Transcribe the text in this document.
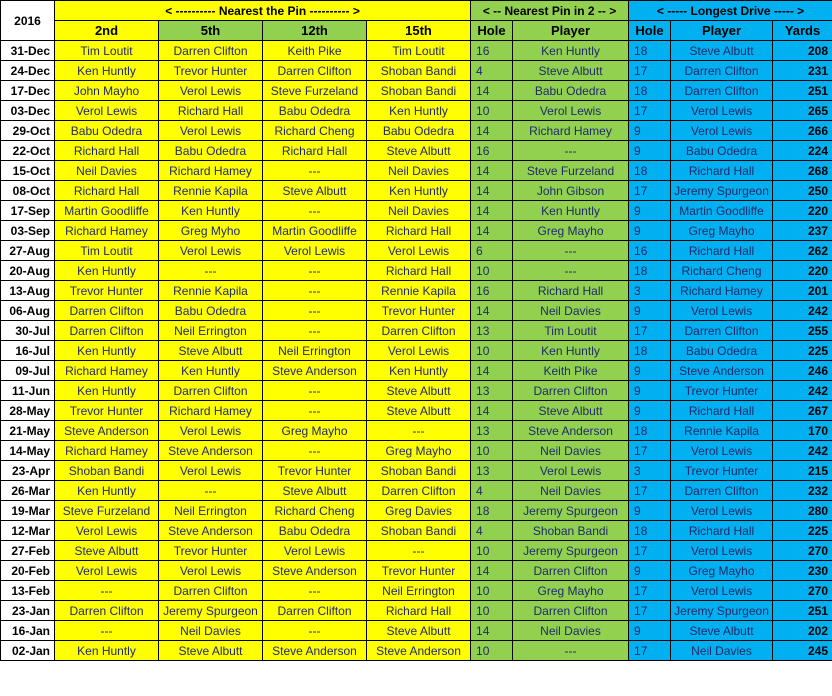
2016	< ---------- Nearest the Pin ---------- >				< -- Nearest Pin in 2 -- >		< ----- Longest Drive ----- >		
	2nd	5th	12th	15th	Hole	Player	Hole	Player	Yards
31-Dec	Tim Loutit	Darren Clifton	Keith Pike	Tim Loutit	16	Ken Huntly	18	Steve Albutt	208
24-Dec	Ken Huntly	Trevor Hunter	Darren Clifton	Shoban Bandi	4	Steve Albutt	17	Darren Clifton	231
17-Dec	John Mayho	Verol Lewis	Steve Furzeland	Shoban Bandi	14	Babu Odedra	18	Darren Clifton	251
03-Dec	Verol Lewis	Richard Hall	Babu Odedra	Ken Huntly	10	Verol Lewis	17	Verol Lewis	265
29-Oct	Babu Odedra	Verol Lewis	Richard Cheng	Babu Odedra	14	Richard Hamey	9	Verol Lewis	266
22-Oct	Richard Hall	Babu Odedra	Richard Hall	Steve Albutt	16	---	9	Babu Odedra	224
15-Oct	Neil Davies	Richard Hamey	---	Neil Davies	14	Steve Furzeland	18	Richard Hall	268
08-Oct	Richard Hall	Rennie Kapila	Steve Albutt	Ken Huntly	14	John Gibson	17	Jeremy Spurgeon	250
17-Sep	Martin Goodliffe	Ken Huntly	---	Neil Davies	14	Ken Huntly	9	Martin Goodliffe	220
03-Sep	Richard Hamey	Greg Myho	Martin Goodliffe	Richard Hall	14	Greg Mayho	9	Greg Mayho	237
27-Aug	Tim Loutit	Verol Lewis	Verol Lewis	Verol Lewis	6	---	16	Richard Hall	262
20-Aug	Ken Huntly	---	---	Richard Hall	10	---	18	Richard Cheng	220
13-Aug	Trevor Hunter	Rennie Kapila	---	Rennie Kapila	16	Richard Hall	3	Richard Hamey	201
06-Aug	Darren Clifton	Babu Odedra	---	Trevor Hunter	14	Neil Davies	9	Verol Lewis	242
30-Jul	Darren Clifton	Neil Errington	---	Darren Clifton	13	Tim Loutit	17	Darren Clifton	255
16-Jul	Ken Huntly	Steve Albutt	Neil Errington	Verol Lewis	10	Ken Huntly	18	Babu Odedra	225
09-Jul	Richard Hamey	Ken Huntly	Steve Anderson	Ken Huntly	14	Keith Pike	9	Steve Anderson	246
11-Jun	Ken Huntly	Darren Clifton	---	Steve Albutt	13	Darren Clifton	9	Trevor Hunter	242
28-May	Trevor Hunter	Richard Hamey	---	Steve Albutt	14	Steve Albutt	9	Richard Hall	267
21-May	Steve Anderson	Verol Lewis	Greg Mayho	---	13	Steve Anderson	18	Rennie Kapila	170
14-May	Richard Hamey	Steve Anderson	---	Greg Mayho	10	Neil Davies	17	Verol Lewis	242
23-Apr	Shoban Bandi	Verol Lewis	Trevor Hunter	Shoban Bandi	13	Verol Lewis	3	Trevor Hunter	215
26-Mar	Ken Huntly	---	Steve Albutt	Darren Clifton	4	Neil Davies	17	Darren Clifton	232
19-Mar	Steve Furzeland	Neil Errington	Richard Cheng	Greg Davies	18	Jeremy Spurgeon	9	Verol Lewis	280
12-Mar	Verol Lewis	Steve Anderson	Babu Odedra	Shoban Bandi	4	Shoban Bandi	18	Richard Hall	225
27-Feb	Steve Albutt	Trevor Hunter	Verol Lewis	---	10	Jeremy Spurgeon	17	Verol Lewis	270
20-Feb	Verol Lewis	Verol Lewis	Steve Anderson	Trevor Hunter	14	Darren Clifton	9	Greg Mayho	230
13-Feb	---	Darren Clifton	---	Neil Errington	10	Greg Mayho	17	Verol Lewis	270
23-Jan	Darren Clifton	Jeremy Spurgeon	Darren Clifton	Richard Hall	10	Darren Clifton	17	Jeremy Spurgeon	251
16-Jan	---	Neil Davies	---	Steve Albutt	14	Neil Davies	9	Steve Albutt	202
02-Jan	Ken Huntly	Steve Albutt	Steve Anderson	Steve Anderson	10	---	17	Neil Davies	245
